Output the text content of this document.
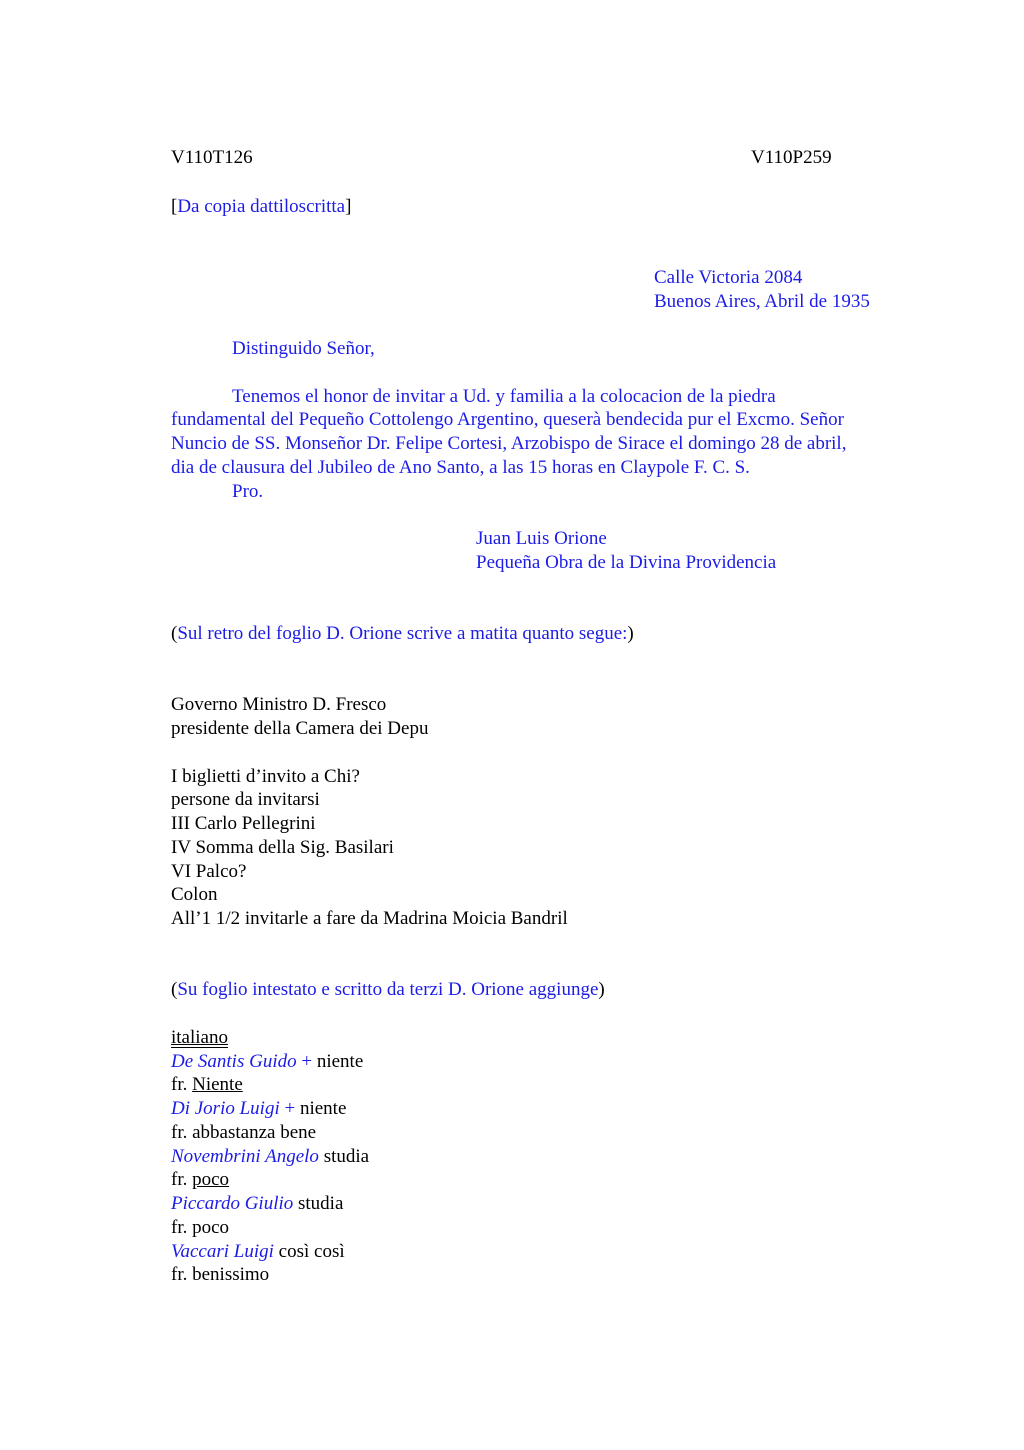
V110T126	V110P259
[Da copia dattiloscritta]
Calle Victoria 2084
Buenos Aires, Abril de 1935
Distinguido Señor,
Tenemos el honor de invitar a Ud. y familia a la colocacion de la piedra
fundamental del Pequeño Cottolengo Argentino, queserà bendecida pur el Excmo. Señor
Nuncio de SS. Monseñor Dr. Felipe Cortesi, Arzobispo de Sirace el domingo 28 de abril,
dia de clausura del Jubileo de Ano Santo, a las 15 horas en Claypole F. C. S.
Pro.
Juan Luis Orione
Pequeña Obra de la Divina Providencia
(Sul retro del foglio D. Orione scrive a matita quanto segue:)
Governo Ministro D. Fresco
presidente della Camera dei Depu
I biglietti d’invito a Chi?
persone da invitarsi
III Carlo Pellegrini
IV Somma della Sig. Basilari
VI Palco?
Colon
All’1 1/2 invitarle a fare da Madrina Moicia Bandril
(Su foglio intestato e scritto da terzi D. Orione aggiunge)
italiano
De Santis Guido + niente
fr. Niente
Di Jorio Luigi + niente
fr. abbastanza bene
Novembrini Angelo studia
fr. poco
Piccardo Giulio studia
fr. poco
Vaccari Luigi così così
fr. benissimo
